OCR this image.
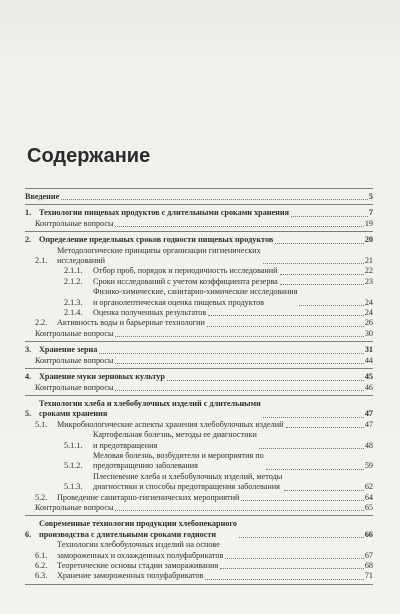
Содержание
Введение	5
1. Технологии пищевых продуктов с длительными сроками хранения	7
Контрольные вопросы	19
2. Определение предельных сроков годности пищевых продуктов	20
2.1.
Методологические принципы организации гигиенических
исследований	21
2.1.1.	Отбор проб, порядок и периодичность исследований	22
2.1.2.	Сроки исследований с учетом коэффициента резерва	23
2.1.3.
Физико-химические, санитарно-химические исследования
и органолептическая оценка пищевых продуктов	24
2.1.4.	Оценка полученных результатов	24
2.2.	Активность воды и барьерные технологии	26
Контрольные вопросы	30
3. Хранение зерна	31
Контрольные вопросы	44
4. Хранение муки зерновых культур	45
Контрольные вопросы	46
5.
Технологии хлеба и хлебобулочных изделий с длительными
сроками хранения	47
5.1.	Микробиологические аспекты хранения хлебобулочных изделий	47
5.1.1.
Картофельная болезнь, методы ее диагностики
и предотвращения	48
5.1.2.
Меловая болезнь, возбудители и мероприятия по
предотвращению заболевания	59
5.1.3.
Плесневение хлеба и хлебобулочных изделий, методы
диагностики и способы предотвращения заболевания	62
5.2.	Проведение санитарно-гигиенических мероприятий	64
Контрольные вопросы	65
6.
Современные технологии продукции хлебопекарного
производства с длительными сроками годности	66
6.1.
Технологии хлебобулочных изделий на основе
замороженных и охлажденных полуфабрикатов	67
6.2.	Теоретические основы стадии замораживания	68
6.3.	Хранение замороженных полуфабрикатов	71
